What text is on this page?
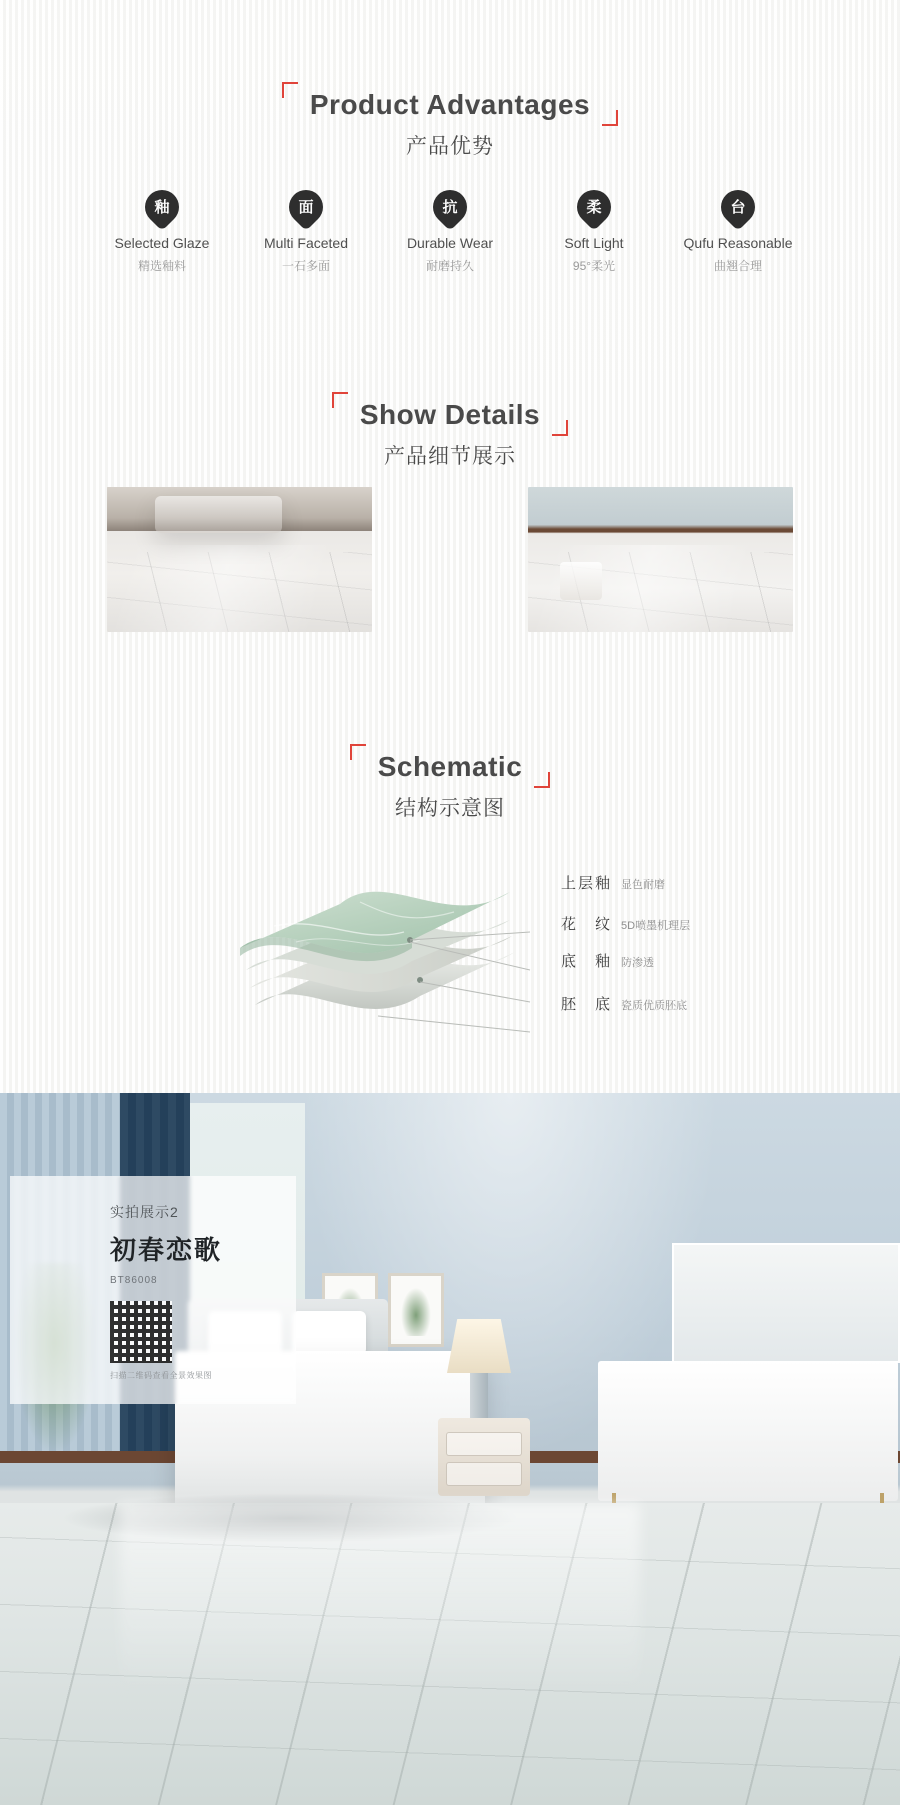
Product Advantages
产品优势
釉
Selected Glaze
精选釉料
面
Multi Faceted
一石多面
抗
Durable Wear
耐磨持久
柔
Soft Light
95°柔光
台
Qufu Reasonable
曲翘合理
Show Details
产品细节展示
Schematic
结构示意图
上层釉 显色耐磨
花　纹 5D喷墨机理层
底　釉 防渗透
胚　底 瓷质优质胚底
实拍展示2
初春恋歌
BT86008
扫描二维码查看全景效果图
